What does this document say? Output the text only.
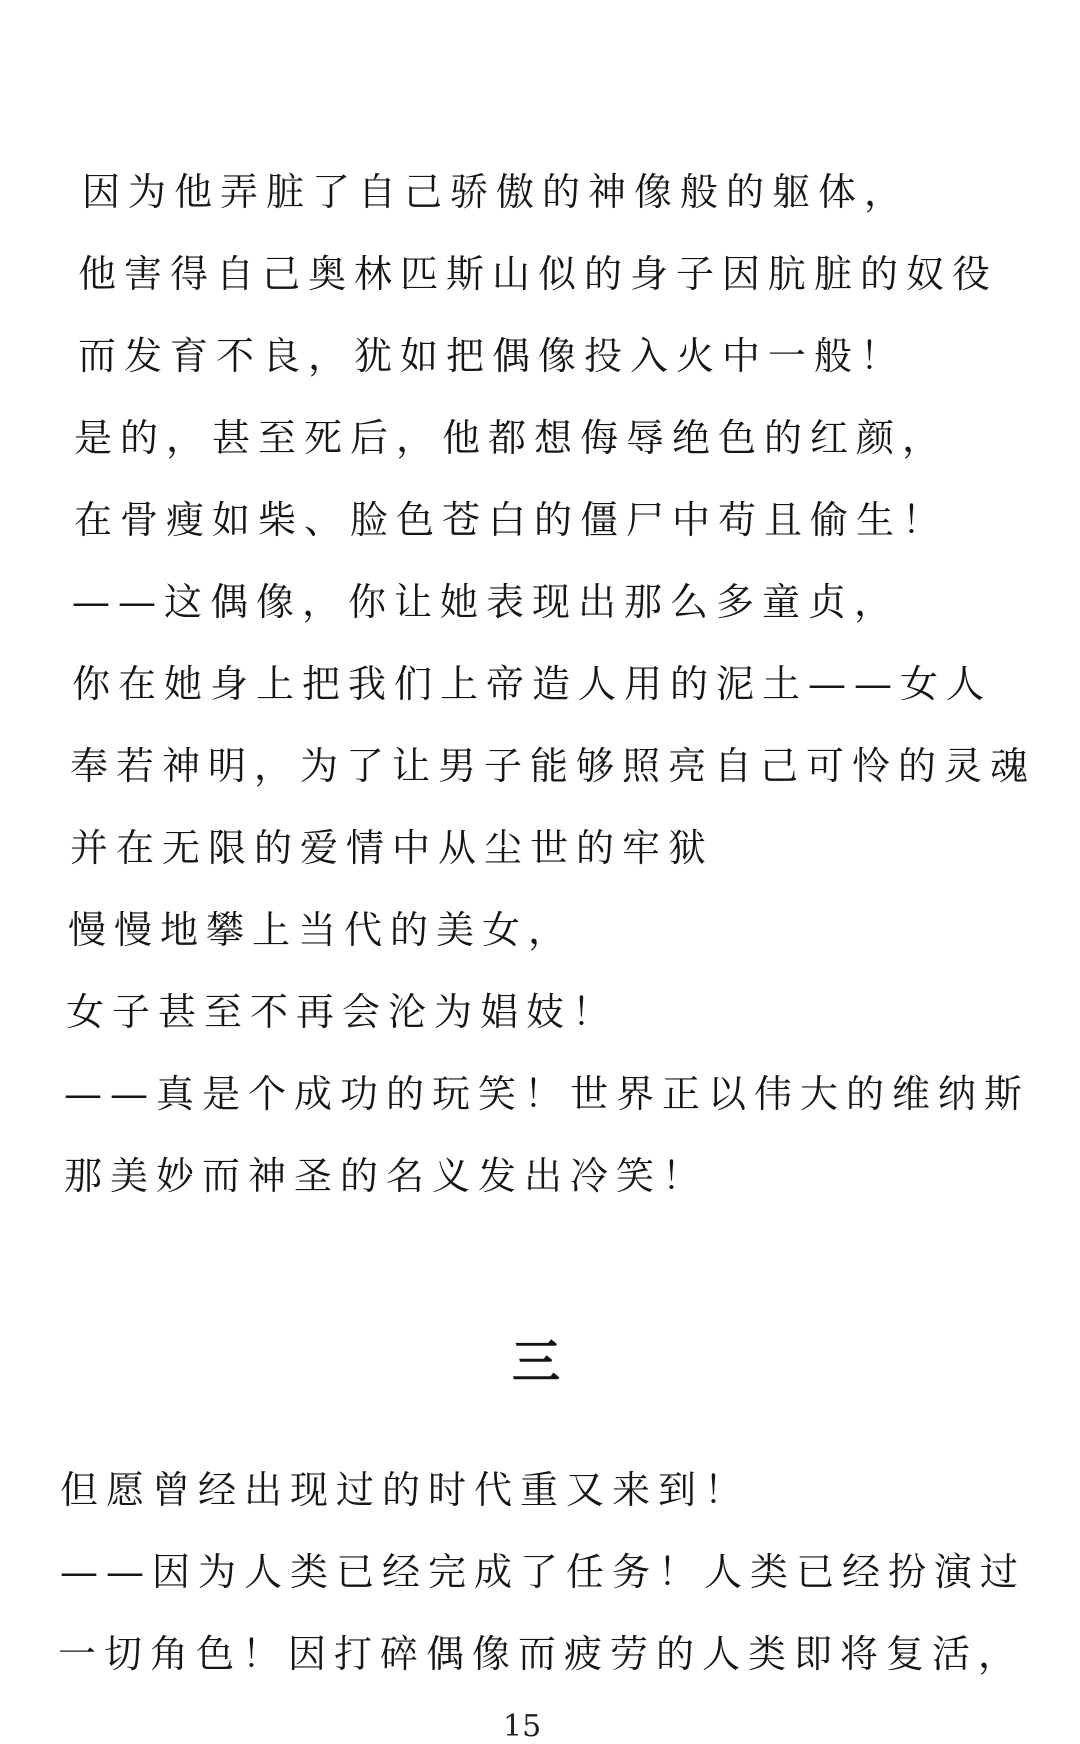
因为他弄脏了自己骄傲的神像般的躯体，
他害得自己奥林匹斯山似的身子因肮脏的奴役
而发育不良，犹如把偶像投入火中一般！
是的，甚至死后，他都想侮辱绝色的红颜，
在骨瘦如柴、脸色苍白的僵尸中苟且偷生！
——这偶像，你让她表现出那么多童贞，
你在她身上把我们上帝造人用的泥土——女人
奉若神明，为了让男子能够照亮自己可怜的灵魂
并在无限的爱情中从尘世的牢狱
慢慢地攀上当代的美女，
女子甚至不再会沦为娼妓！
——真是个成功的玩笑！世界正以伟大的维纳斯
那美妙而神圣的名义发出冷笑！
三
但愿曾经出现过的时代重又来到！
——因为人类已经完成了任务！人类已经扮演过
一切角色！因打碎偶像而疲劳的人类即将复活，
15
